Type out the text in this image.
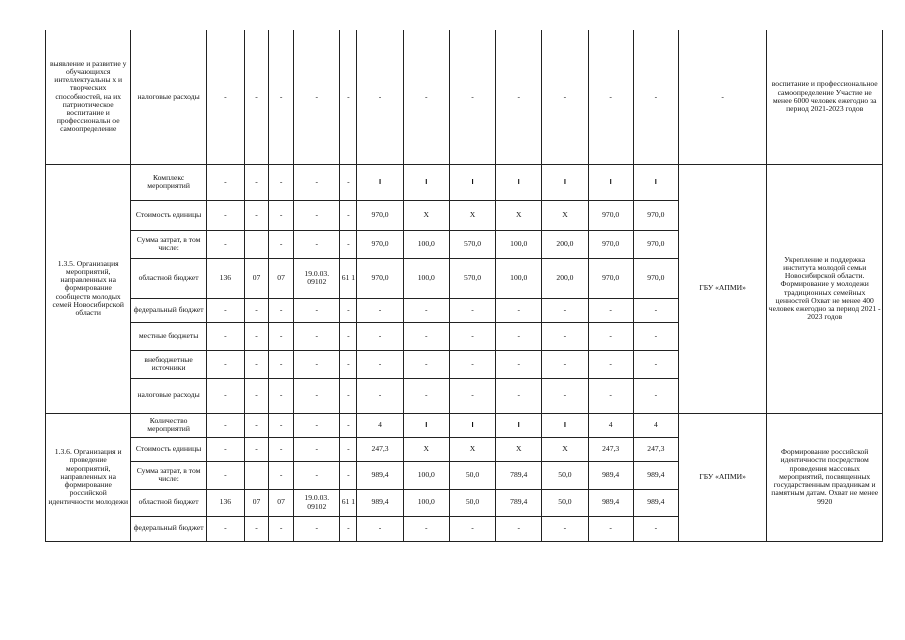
выявление и развитие у обучающихся интеллектуальны х и творческих способностей, на их патриотическое воспитание и профессиональн ое самоопределение	налоговые расходы	-	-	-	-	-	-	-	-	-	-	-	-	-	воспитание и профессиональное самоопределение Участие не менее 6000 человек ежегодно за период 2021-2023 годов
1.3.5. Организация мероприятий, направленных на формирование сообществ молодых семей Новосибирской области	Комплекс мероприятий	-	-	-	-	-	I	I	I	I	I	I	I	ГБУ «АПМИ»	Укрепление и поддержка института молодой семьи Новосибирской области. Формирование у молодежи традиционных семейных ценностей Охват не менее 400 человек ежегодно за период 2021 - 2023 годов
	Стоимость единицы	-	-	-	-	-	970,0	X	X	X	X	970,0	970,0		
	Сумма затрат, в том числе:	-		-	-	-	970,0	100,0	570,0	100,0	200,0	970,0	970,0		
	областной бюджет	136	07	07	19.0.03. 09102	61 1	970,0	100,0	570,0	100,0	200,0	970,0	970,0		
	федеральный бюджет	-	-	-	-	-	-	-	-	-	-	-	-		
	местные бюджеты	-	-	-	-	-	-	-	-	-	-	-	-		
	внебюджетные источники	-	-	-	-	-	-	-	-	-	-	-	-		
	налоговые расходы	-	-	-	-	-	-	-	-	-	-	-	-		
1.3.6. Организация и проведение мероприятий, направленных на формирование российской идентичности молодежи	Количество мероприятий	-	-	-	-	-	4	I	I	I	I	4	4	ГБУ «АПМИ»	Формирование российской идентичности посредством проведения массовых мероприятий, посвященных государственным праздникам и памятным датам. Охват не менее 9920
	Стоимость единицы	-	-	-	-	-	247,3	X	X	X	X	247,3	247,3		
	Сумма затрат, в том числе:	-		-	-	-	989,4	100,0	50,0	789,4	50,0	989,4	989,4		
	областной бюджет	136	07	07	19.0.03. 09102	61 1	989,4	100,0	50,0	789,4	50,0	989,4	989,4		
	федеральный бюджет	-	-	-	-	-	-	-	-	-	-	-	-		
